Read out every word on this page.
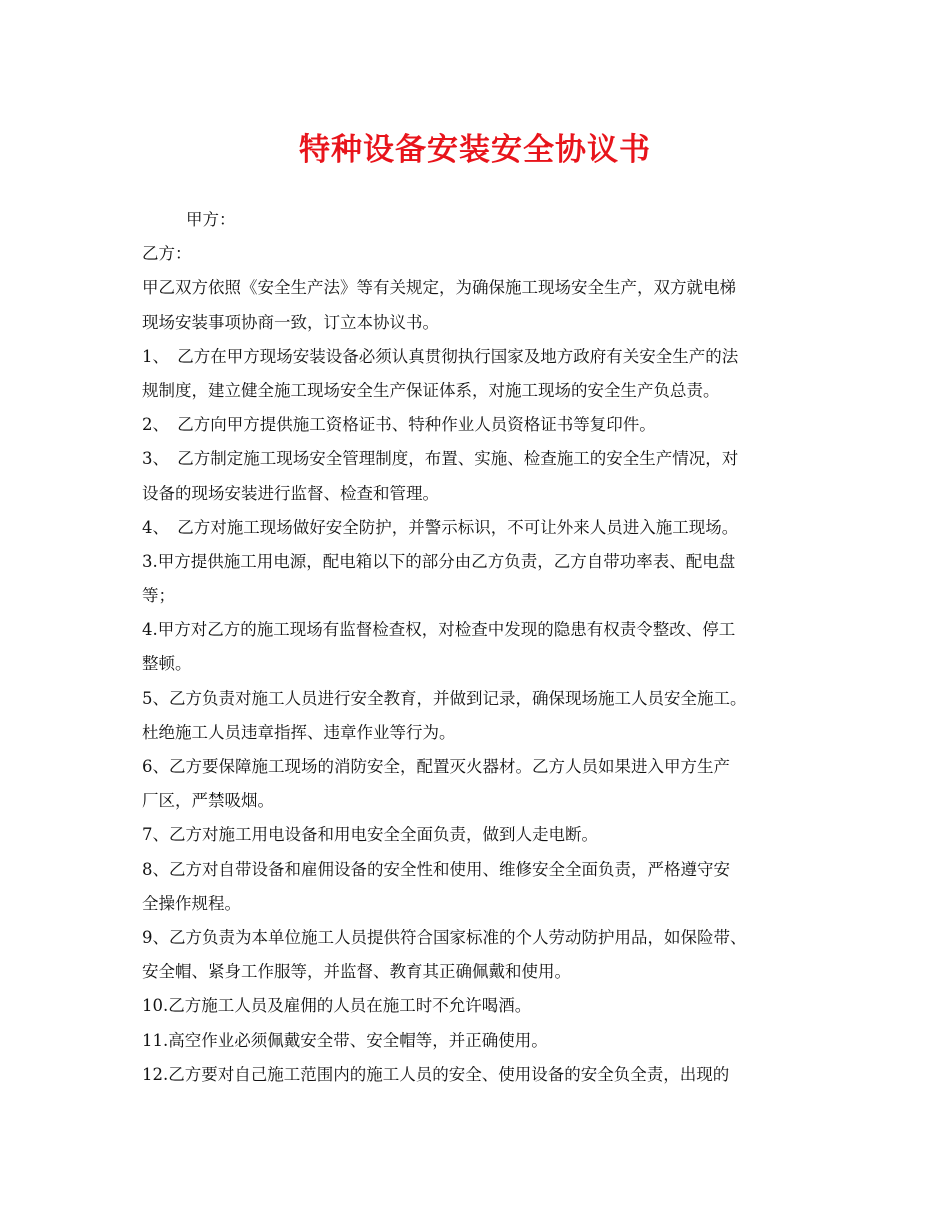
特种设备安装安全协议书
甲方：
乙方：
甲乙双方依照《安全生产法》等有关规定，为确保施工现场安全生产，双方就电梯
现场安装事项协商一致，订立本协议书。
1、　乙方在甲方现场安装设备必须认真贯彻执行国家及地方政府有关安全生产的法
规制度，建立健全施工现场安全生产保证体系，对施工现场的安全生产负总责。
2、　乙方向甲方提供施工资格证书、特种作业人员资格证书等复印件。
3、　乙方制定施工现场安全管理制度，布置、实施、检查施工的安全生产情况，对
设备的现场安装进行监督、检查和管理。
4、　乙方对施工现场做好安全防护，并警示标识，不可让外来人员进入施工现场。
3.甲方提供施工用电源，配电箱以下的部分由乙方负责，乙方自带功率表、配电盘
等；
4.甲方对乙方的施工现场有监督检查权，对检查中发现的隐患有权责令整改、停工
整顿。
5、乙方负责对施工人员进行安全教育，并做到记录，确保现场施工人员安全施工。
杜绝施工人员违章指挥、违章作业等行为。
6、乙方要保障施工现场的消防安全，配置灭火器材。乙方人员如果进入甲方生产
厂区，严禁吸烟。
7、乙方对施工用电设备和用电安全全面负责，做到人走电断。
8、乙方对自带设备和雇佣设备的安全性和使用、维修安全全面负责，严格遵守安
全操作规程。
9、乙方负责为本单位施工人员提供符合国家标准的个人劳动防护用品，如保险带、
安全帽、紧身工作服等，并监督、教育其正确佩戴和使用。
10.乙方施工人员及雇佣的人员在施工时不允许喝酒。
11.高空作业必须佩戴安全带、安全帽等，并正确使用。
12.乙方要对自己施工范围内的施工人员的安全、使用设备的安全负全责，出现的
